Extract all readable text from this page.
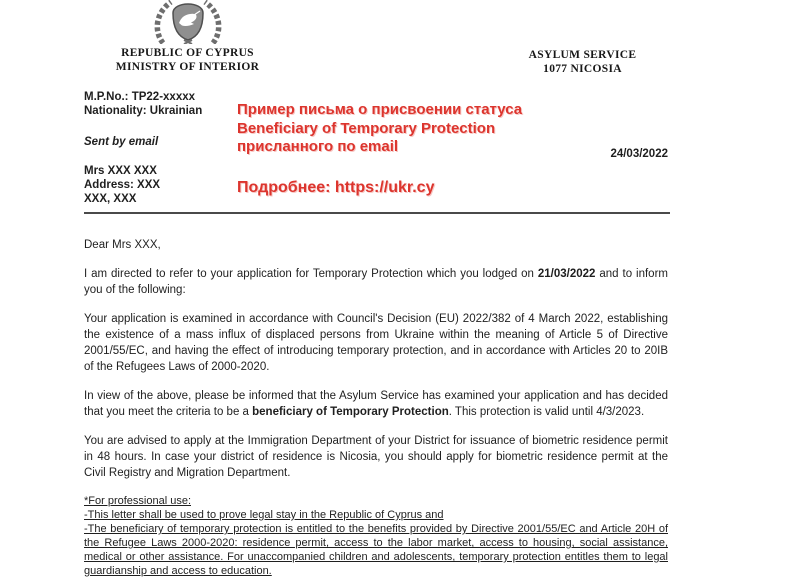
REPUBLIC OF CYPRUS
MINISTRY OF INTERIOR
ASYLUM SERVICE
1077 NICOSIA
M.P.No.: TP22-xxxxx
Nationality: Ukrainian
Sent by email
Mrs XXX XXX
Address: XXX
XXX, XXX
Пример письма о присвоении статуса
Beneficiary of Temporary Protection
присланного по email
Подробнее: https://ukr.cy
24/03/2022

Dear Mrs XXX,

I am directed to refer to your application for Temporary Protection which you lodged on 21/03/2022 and to inform you of the following:

Your application is examined in accordance with Council's Decision (EU) 2022/382 of 4 March 2022, establishing the existence of a mass influx of displaced persons from Ukraine within the meaning of Article 5 of Directive 2001/55/EC, and having the effect of introducing temporary protection, and in accordance with Articles 20 to 20IB of the Refugees Laws of 2000-2020.

In view of the above, please be informed that the Asylum Service has examined your application and has decided that you meet the criteria to be a beneficiary of Temporary Protection. This protection is valid until 4/3/2023.

You are advised to apply at the Immigration Department of your District for issuance of biometric residence permit in 48 hours. In case your district of residence is Nicosia, you should apply for biometric residence permit at the Civil Registry and Migration Department.

*For professional use:
-This letter shall be used to prove legal stay in the Republic of Cyprus and
-The beneficiary of temporary protection is entitled to the benefits provided by Directive 2001/55/EC and Article 20H of the Refugee Laws 2000-2020: residence permit, access to the labor market, access to housing, social assistance, medical or other assistance. For unaccompanied children and adolescents, temporary protection entitles them to legal guardianship and access to education.
